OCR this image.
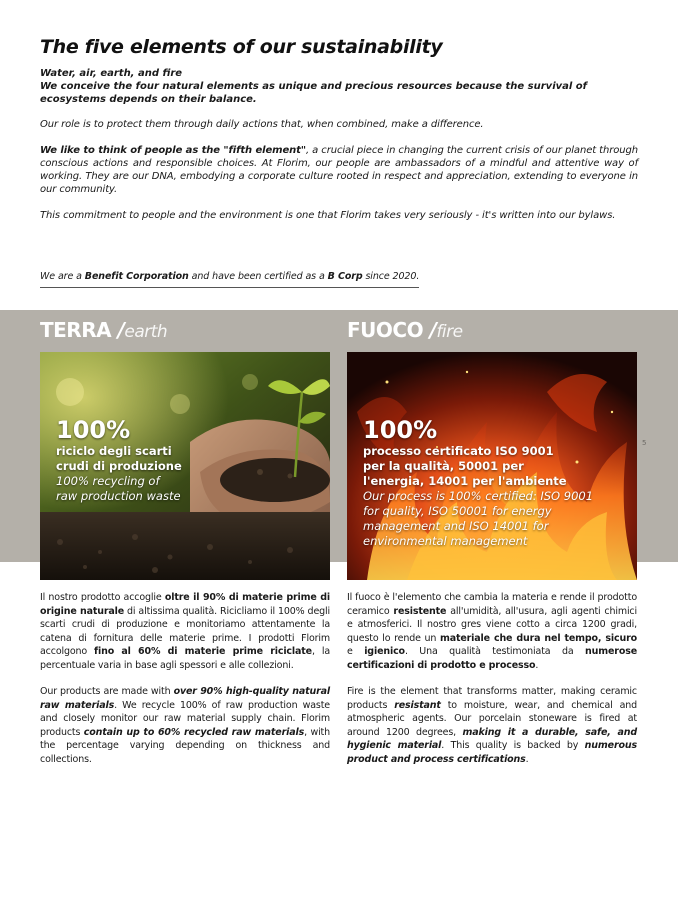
The five elements of our sustainability
Water, air, earth, and fire
We conceive the four natural elements as unique and precious resources because the survival of ecosystems depends on their balance.

Our role is to protect them through daily actions that, when combined, make a difference.

We like to think of people as the "fifth element", a crucial piece in changing the current crisis of our planet through conscious actions and responsible choices. At Florim, our people are ambassadors of a mindful and attentive way of working. They are our DNA, embodying a corporate culture rooted in respect and appreciation, extending to everyone in our community.

This commitment to people and the environment is one that Florim takes very seriously - it's written into our bylaws.

We are a Benefit Corporation and have been certified as a B Corp since 2020.
5
TERRA /earth	FUOCO /fire
100%
riciclo degli scarti
crudi di produzione
100% recycling of
raw production waste
100%
processo certificato ISO 9001
per la qualità, 50001 per
l'energia, 14001 per l'ambiente
Our process is 100% certified: ISO 9001
for quality, ISO 50001 for energy
management and ISO 14001 for
environmental management

Il nostro prodotto accoglie oltre il 90% di materie prime di origine naturale di altissima qualità. Ricicliamo il 100% degli scarti crudi di produzione e monitoriamo attentamente la catena di fornitura delle materie prime. I prodotti Florim accolgono fino al 60% di materie prime riciclate, la percentuale varia in base agli spessori e alle collezioni.

Our products are made with over 90% high-quality natural raw materials. We recycle 100% of raw production waste and closely monitor our raw material supply chain. Florim products contain up to 60% recycled raw materials, with the percentage varying depending on thickness and collections.

Il fuoco è l'elemento che cambia la materia e rende il prodotto ceramico resistente all'umidità, all'usura, agli agenti chimici e atmosferici. Il nostro gres viene cotto a circa 1200 gradi, questo lo rende un materiale che dura nel tempo, sicuro e igienico. Una qualità testimoniata da numerose certificazioni di prodotto e processo.

Fire is the element that transforms matter, making ceramic products resistant to moisture, wear, and chemical and atmospheric agents. Our porcelain stoneware is fired at around 1200 degrees, making it a durable, safe, and hygienic material. This quality is backed by numerous product and process certifications.
